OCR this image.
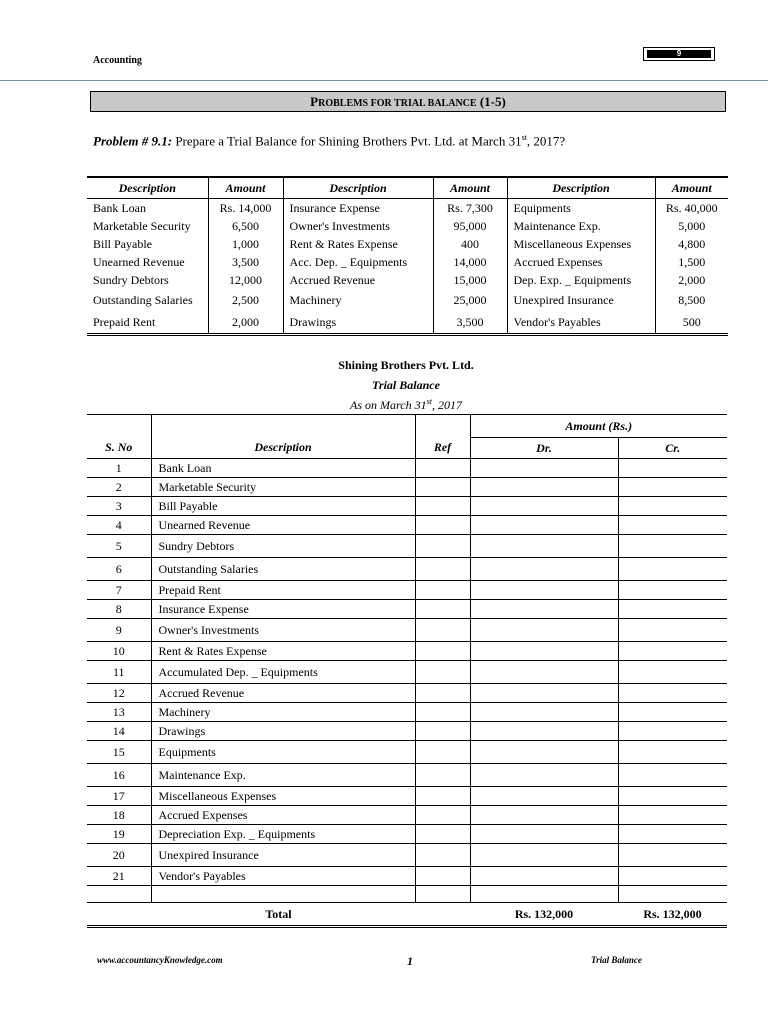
Accounting
9
PROBLEMS FOR TRIAL BALANCE (1-5)
Problem # 9.1: Prepare a Trial Balance for Shining Brothers Pvt. Ltd. at March 31st, 2017?
Description	Amount	Description	Amount	Description	Amount
Bank Loan	Rs. 14,000	Insurance Expense	Rs. 7,300	Equipments	Rs. 40,000
Marketable Security	6,500	Owner's Investments	95,000	Maintenance Exp.	5,000
Bill Payable	1,000	Rent & Rates Expense	400	Miscellaneous Expenses	4,800
Unearned Revenue	3,500	Acc. Dep. _ Equipments	14,000	Accrued Expenses	1,500
Sundry Debtors	12,000	Accrued Revenue	15,000	Dep. Exp. _ Equipments	2,000
Outstanding Salaries	2,500	Machinery	25,000	Unexpired Insurance	8,500
Prepaid Rent	2,000	Drawings	3,500	Vendor's Payables	500
Shining Brothers Pvt. Ltd.
Trial Balance
As on March 31st, 2017
			Amount (Rs.)	
S. No	Description	Ref	Dr.	Cr.
1	Bank Loan			
2	Marketable Security			
3	Bill Payable			
4	Unearned Revenue			
5	Sundry Debtors			
6	Outstanding Salaries			
7	Prepaid Rent			
8	Insurance Expense			
9	Owner's Investments			
10	Rent & Rates Expense			
11	Accumulated Dep. _ Equipments			
12	Accrued Revenue			
13	Machinery			
14	Drawings			
15	Equipments			
16	Maintenance Exp.			
17	Miscellaneous Expenses			
18	Accrued Expenses			
19	Depreciation Exp. _ Equipments			
20	Unexpired Insurance			
21	Vendor's Payables			

Total			Rs. 132,000	Rs. 132,000
www.accountancyKnowledge.com	1	Trial Balance
